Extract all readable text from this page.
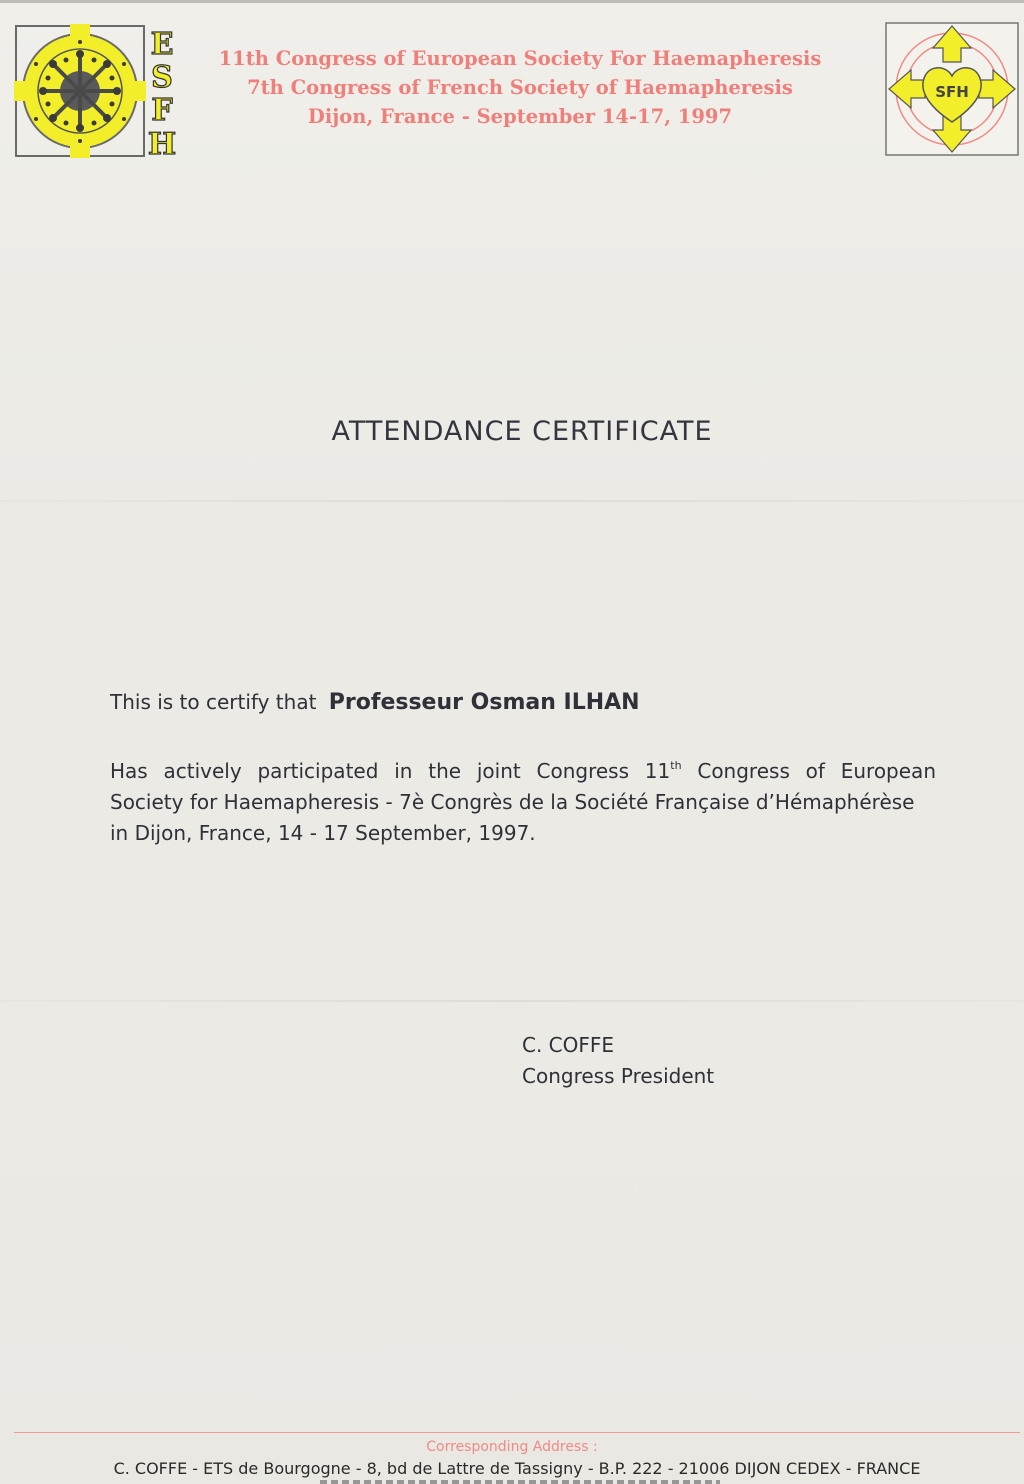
E
S
F
H
SFH
11th Congress of European Society For Haemapheresis
7th Congress of French Society of Haemapheresis
Dijon, France - September 14-17, 1997
ATTENDANCE CERTIFICATE
This is to certify that Professeur Osman ILHAN
Has actively participated in the joint Congress 11th Congress of European
Society for Haemapheresis - 7è Congrès de la Société Française d’Hémaphérèse
in Dijon, France, 14 - 17 September, 1997.
C. COFFE
Congress President
Corresponding Address :
C. COFFE - ETS de Bourgogne - 8, bd de Lattre de Tassigny - B.P. 222 - 21006 DIJON CEDEX - FRANCE
